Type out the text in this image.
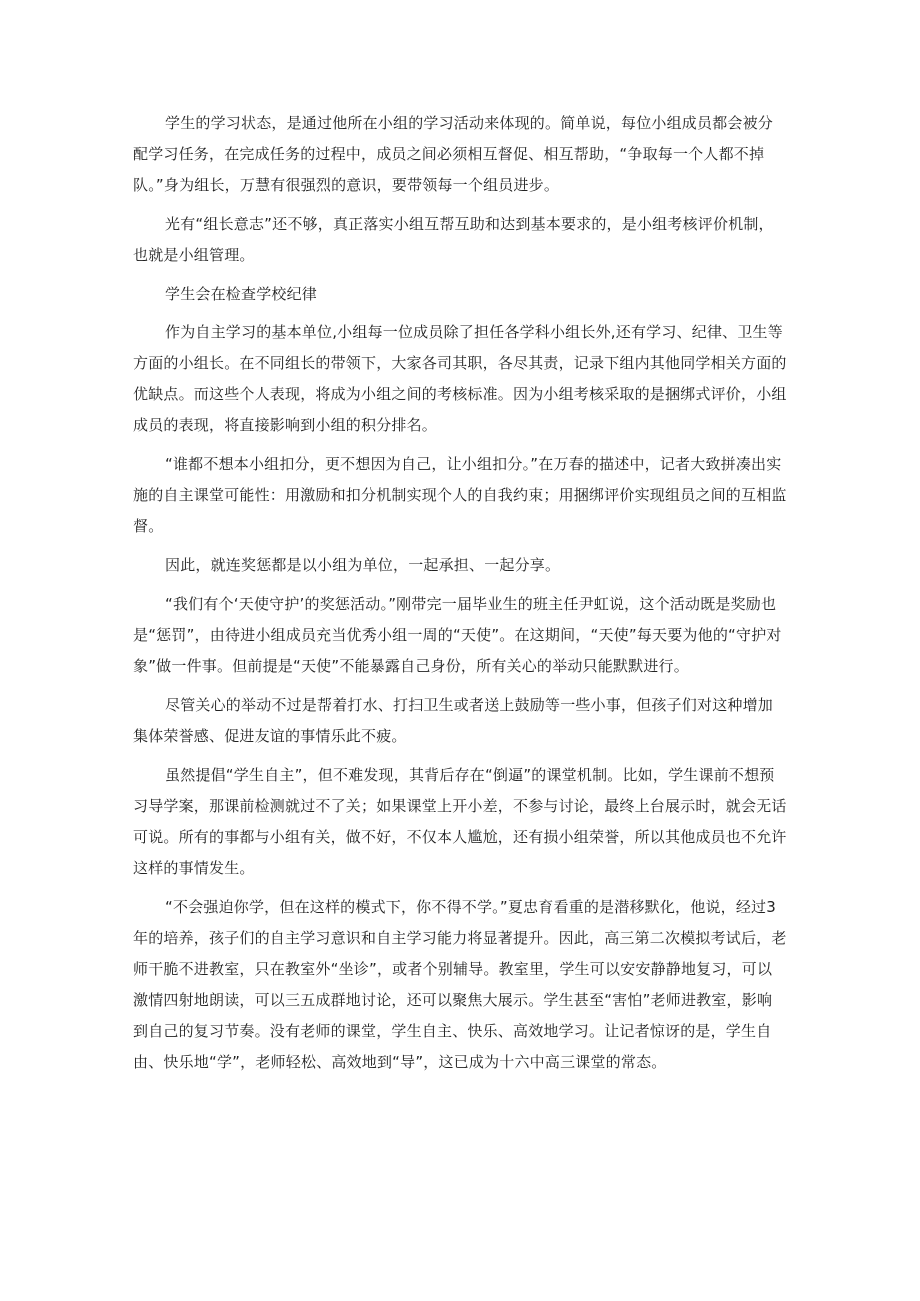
学生的学习状态，是通过他所在小组的学习活动来体现的。简单说，每位小组成员都会被分配学习任务，在完成任务的过程中，成员之间必须相互督促、相互帮助，“争取每一个人都不掉队。”身为组长，万慧有很强烈的意识，要带领每一个组员进步。

光有“组长意志”还不够，真正落实小组互帮互助和达到基本要求的，是小组考核评价机制，也就是小组管理。

学生会在检查学校纪律

作为自主学习的基本单位,小组每一位成员除了担任各学科小组长外,还有学习、纪律、卫生等方面的小组长。在不同组长的带领下，大家各司其职，各尽其责，记录下组内其他同学相关方面的优缺点。而这些个人表现，将成为小组之间的考核标准。因为小组考核采取的是捆绑式评价，小组成员的表现，将直接影响到小组的积分排名。

“谁都不想本小组扣分，更不想因为自己，让小组扣分。”在万春的描述中，记者大致拼凑出实施的自主课堂可能性：用激励和扣分机制实现个人的自我约束；用捆绑评价实现组员之间的互相监督。

因此，就连奖惩都是以小组为单位，一起承担、一起分享。

“我们有个‘天使守护’的奖惩活动。”刚带完一届毕业生的班主任尹虹说，这个活动既是奖励也是“惩罚”，由待进小组成员充当优秀小组一周的“天使”。在这期间，“天使”每天要为他的“守护对象”做一件事。但前提是“天使”不能暴露自己身份，所有关心的举动只能默默进行。

尽管关心的举动不过是帮着打水、打扫卫生或者送上鼓励等一些小事，但孩子们对这种增加集体荣誉感、促进友谊的事情乐此不疲。

虽然提倡“学生自主”，但不难发现，其背后存在“倒逼”的课堂机制。比如，学生课前不想预习导学案，那课前检测就过不了关；如果课堂上开小差，不参与讨论，最终上台展示时，就会无话可说。所有的事都与小组有关，做不好，不仅本人尴尬，还有损小组荣誉，所以其他成员也不允许这样的事情发生。

“不会强迫你学，但在这样的模式下，你不得不学。”夏忠育看重的是潜移默化，他说，经过3年的培养，孩子们的自主学习意识和自主学习能力将显著提升。因此，高三第二次模拟考试后，老师干脆不进教室，只在教室外“坐诊”，或者个别辅导。教室里，学生可以安安静静地复习，可以激情四射地朗读，可以三五成群地讨论，还可以聚焦大展示。学生甚至“害怕”老师进教室，影响到自己的复习节奏。没有老师的课堂，学生自主、快乐、高效地学习。让记者惊讶的是，学生自由、快乐地“学”，老师轻松、高效地到“导”，这已成为十六中高三课堂的常态。
